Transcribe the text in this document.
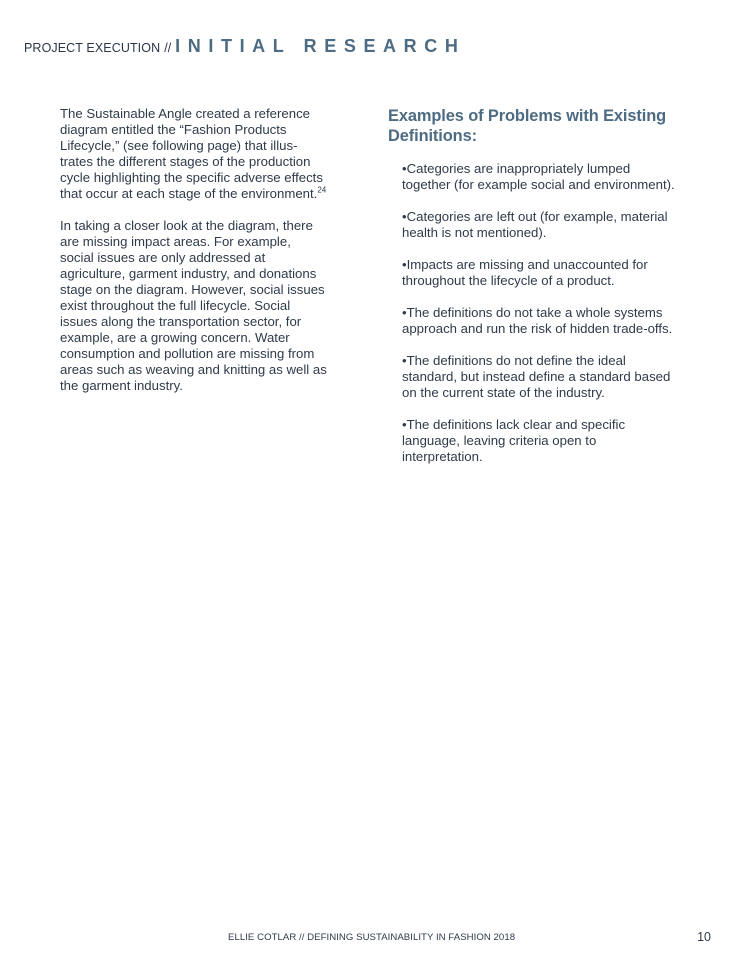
PROJECT EXECUTION // INITIAL RESEARCH

The Sustainable Angle created a reference diagram entitled the “Fashion Products Lifecycle,” (see following page) that illus-trates the different stages of the production cycle highlighting the specific adverse effects that occur at each stage of the environment.$^{24}$

In taking a closer look at the diagram, there are missing impact areas. For example, social issues are only addressed at agriculture, garment industry, and donations stage on the diagram. However, social issues exist throughout the full lifecycle. Social issues along the transportation sector, for example, are a growing concern. Water consumption and pollution are missing from areas such as weaving and knitting as well as the garment industry.

Examples of Problems with Existing Definitions:
•Categories are inappropriately lumped together (for example social and environment).
•Categories are left out (for example, material health is not mentioned).
•Impacts are missing and unaccounted for throughout the lifecycle of a product.
•The definitions do not take a whole systems approach and run the risk of hidden trade-offs.
•The definitions do not define the ideal standard, but instead define a standard based on the current state of the industry.
•The definitions lack clear and specific language, leaving criteria open to interpretation.
ELLIE COTLAR // DEFINING SUSTAINABILITY IN FASHION 2018	10
